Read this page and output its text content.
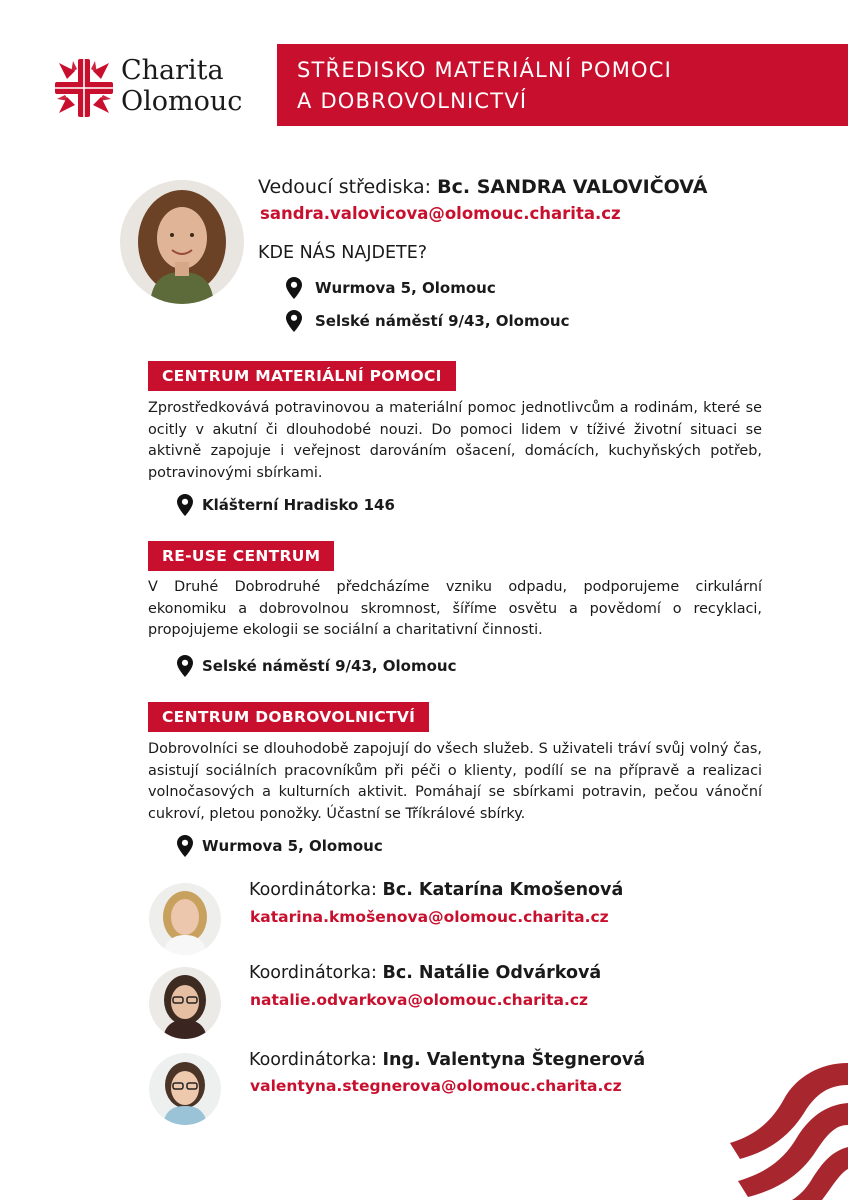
Charita
Olomouc
STŘEDISKO MATERIÁLNÍ POMOCI
A DOBROVOLNICTVÍ
Vedoucí střediska: Bc. SANDRA VALOVIČOVÁ
sandra.valovicova@olomouc.charita.cz
KDE NÁS NAJDETE?
Wurmova 5, Olomouc
Selské náměstí 9/43, Olomouc
CENTRUM MATERIÁLNÍ POMOCI
Zprostředkovává potravinovou a materiální pomoc jednotlivcům a rodinám, které se ocitly v akutní či dlouhodobé nouzi. Do pomoci lidem v tíživé životní situaci se aktivně zapojuje i veřejnost darováním ošacení, domácích, kuchyňských potřeb, potravinovými sbírkami.
Klášterní Hradisko 146
RE-USE CENTRUM
V Druhé Dobrodruhé předcházíme vzniku odpadu, podporujeme cirkulární ekonomiku a dobrovolnou skromnost, šíříme osvětu a povědomí o recyklaci, propojujeme ekologii se sociální a charitativní činnosti.
Selské náměstí 9/43, Olomouc
CENTRUM DOBROVOLNICTVÍ
Dobrovolníci se dlouhodobě zapojují do všech služeb. S uživateli tráví svůj volný čas, asistují sociálních pracovníkům při péči o klienty, podílí se na přípravě a realizaci volnočasových a kulturních aktivit. Pomáhají se sbírkami potravin, pečou vánoční cukroví, pletou ponožky. Účastní se Tříkrálové sbírky.
Wurmova 5, Olomouc
Koordinátorka: Bc. Katarína Kmošenová
katarina.kmošenova@olomouc.charita.cz
Koordinátorka: Bc. Natálie Odvárková
natalie.odvarkova@olomouc.charita.cz
Koordinátorka: Ing. Valentyna Štegnerová
valentyna.stegnerova@olomouc.charita.cz
